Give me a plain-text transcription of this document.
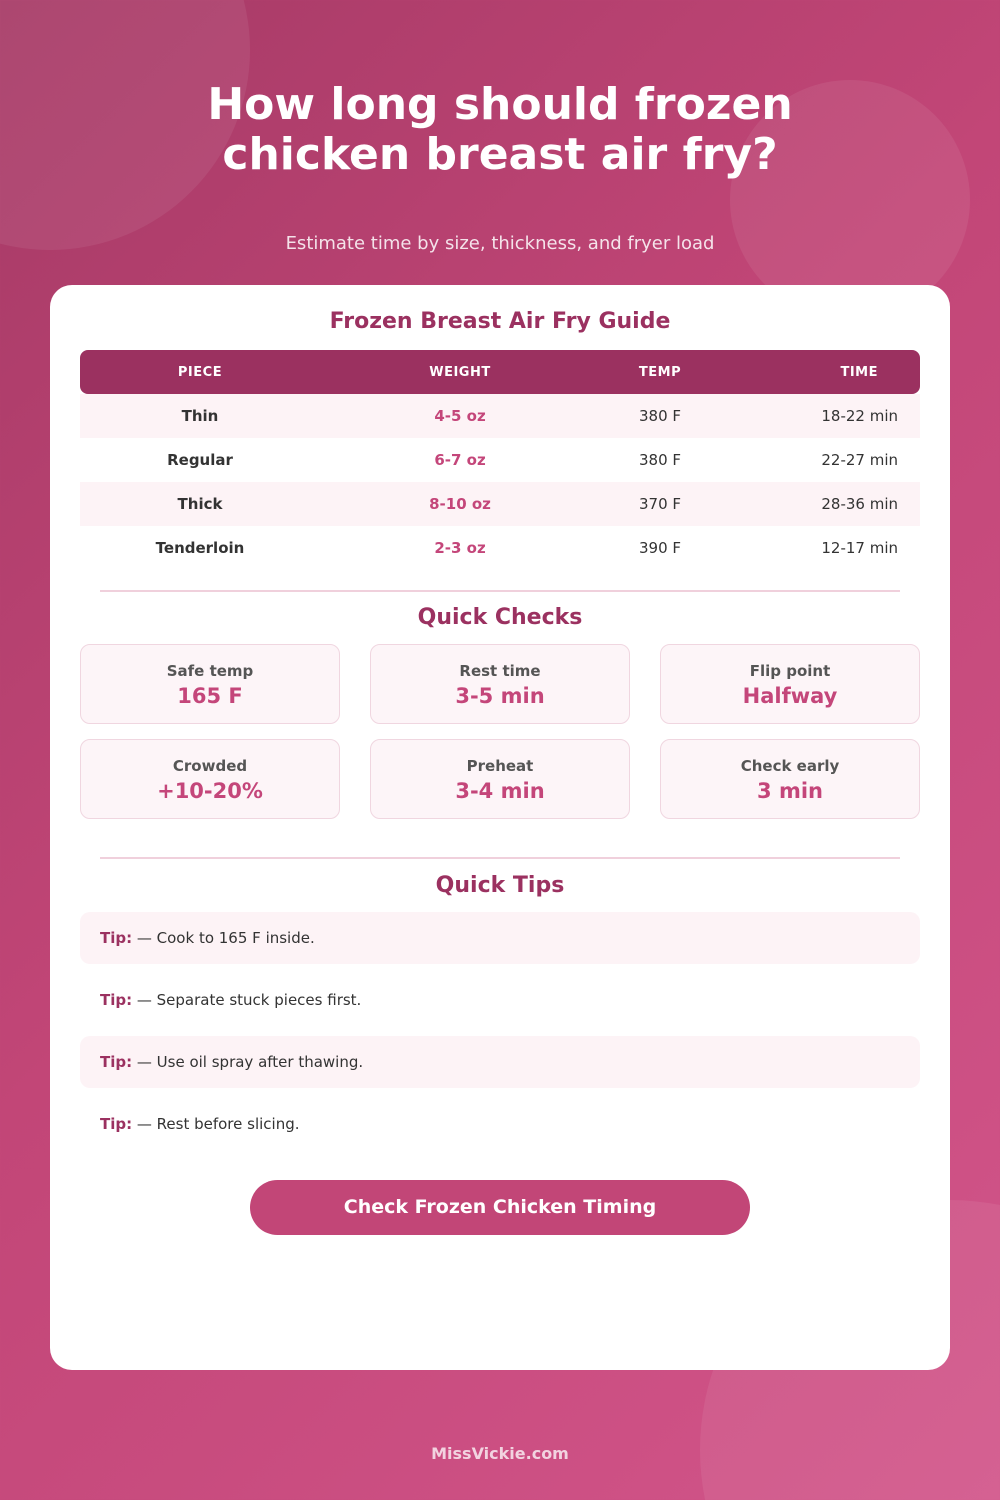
How long should frozen
chicken breast air fry?
Estimate time by size, thickness, and fryer load
Frozen Breast Air Fry Guide
PIECE	WEIGHT	TEMP	TIME
Thin	4-5 oz	380 F	18-22 min
Regular	6-7 oz	380 F	22-27 min
Thick	8-10 oz	370 F	28-36 min
Tenderloin	2-3 oz	390 F	12-17 min
Quick Checks
Safe temp
165 F
Rest time
3-5 min
Flip point
Halfway
Crowded
+10-20%
Preheat
3-4 min
Check early
3 min
Quick Tips
Tip: — Cook to 165 F inside.
Tip: — Separate stuck pieces first.
Tip: — Use oil spray after thawing.
Tip: — Rest before slicing.
Check Frozen Chicken Timing
MissVickie.com
